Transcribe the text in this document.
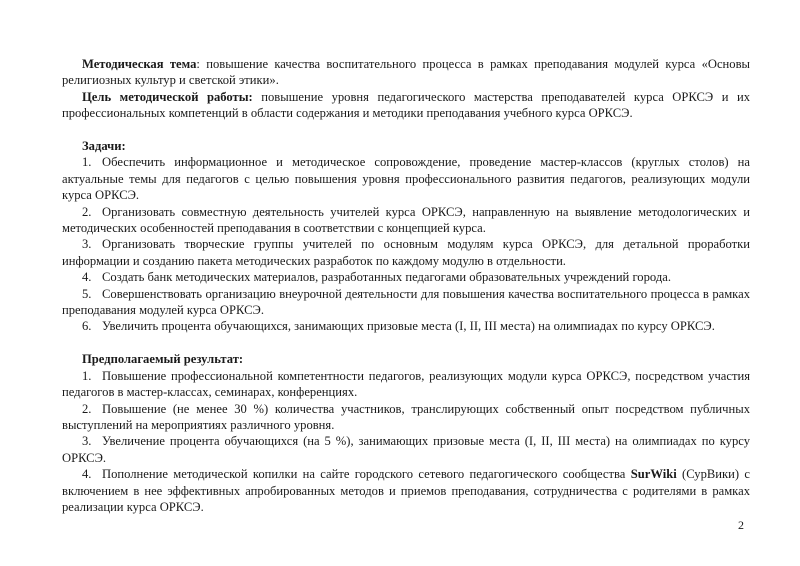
Методическая тема: повышение качества воспитательного процесса в рамках преподавания модулей курса «Основы религиозных культур и светской этики».

Цель методической работы: повышение уровня педагогического мастерства преподавателей курса ОРКСЭ и их профессиональных компетенций в области содержания и методики преподавания учебного курса ОРКСЭ.

Задачи:

1. Обеспечить информационное и методическое сопровождение, проведение мастер-классов (круглых столов) на актуальные темы для педагогов с целью повышения уровня профессионального развития педагогов, реализующих модули курса ОРКСЭ.

2. Организовать совместную деятельность учителей курса ОРКСЭ, направленную на выявление методологических и методических особенностей преподавания в соответствии с концепцией курса.

3. Организовать творческие группы учителей по основным модулям курса ОРКСЭ, для детальной проработки информации и созданию пакета методических разработок по каждому модулю в отдельности.

4. Создать банк методических материалов, разработанных педагогами образовательных учреждений города.

5. Совершенствовать организацию внеурочной деятельности для повышения качества воспитательного процесса в рамках преподавания модулей курса ОРКСЭ.

6. Увеличить процента обучающихся, занимающих призовые места (I, II, III места) на олимпиадах по курсу ОРКСЭ.

Предполагаемый результат:

1. Повышение профессиональной компетентности педагогов, реализующих модули курса ОРКСЭ, посредством участия педагогов в мастер-классах, семинарах, конференциях.

2. Повышение (не менее 30 %) количества участников, транслирующих собственный опыт посредством публичных выступлений на мероприятиях различного уровня.

3. Увеличение процента обучающихся (на 5 %), занимающих призовые места (I, II, III места) на олимпиадах по курсу ОРКСЭ.

4. Пополнение методической копилки на сайте городского сетевого педагогического сообщества SurWiki (СурВики) с включением в нее эффективных апробированных методов и приемов преподавания, сотрудничества с родителями в рамках реализации курса ОРКСЭ.

2
